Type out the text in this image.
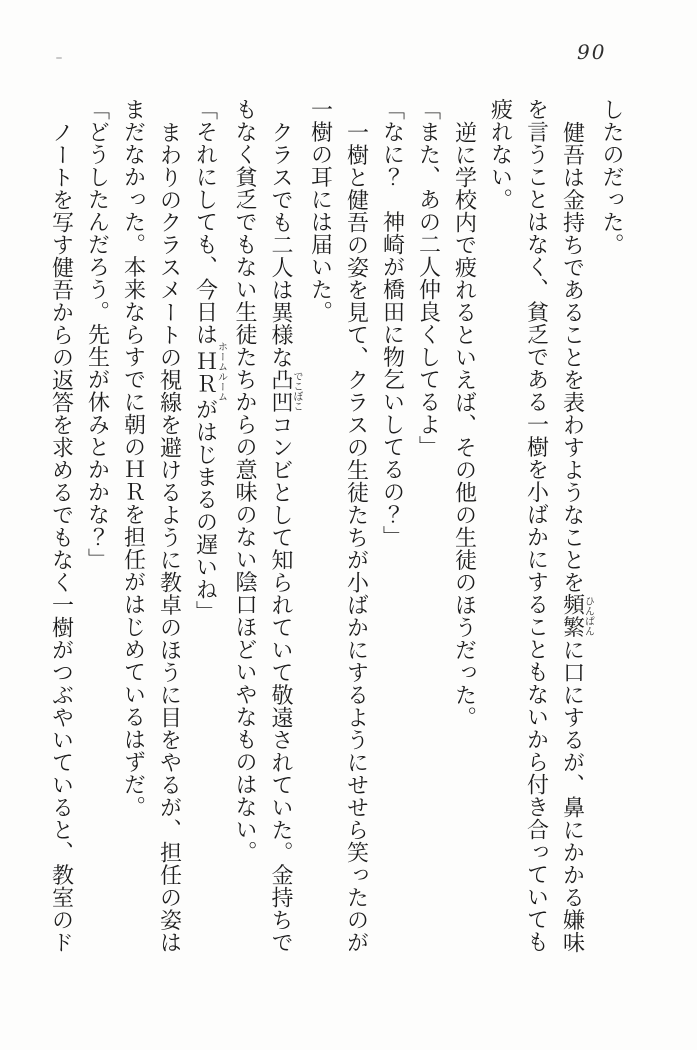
90
したのだった。
健吾は金持ちであることを表わすようなことを頻繁ひんぱんに口にするが、鼻にかかる嫌味
を言うことはなく、貧乏である一樹を小ばかにすることもないから付き合っていても
疲れない。
逆に学校内で疲れるといえば、その他の生徒のほうだった。
「また、あの二人仲良くしてるよ」
「なに？　神崎が橋田に物乞いしてるの？」
一樹と健吾の姿を見て、クラスの生徒たちが小ばかにするようにせせら笑ったのが
一樹の耳には届いた。
クラスでも二人は異様な凸凹でこぼこコンビとして知られていて敬遠されていた。金持ちで
もなく貧乏でもない生徒たちからの意味のない陰口ほどいやなものはない。
「それにしても、今日はＨＲホームルームがはじまるの遅いね」
まわりのクラスメートの視線を避けるように教卓のほうに目をやるが、担任の姿は
まだなかった。本来ならすでに朝のＨＲを担任がはじめているはずだ。
「どうしたんだろう。先生が休みとかかな？」
ノートを写す健吾からの返答を求めるでもなく一樹がつぶやいていると、教室のド
